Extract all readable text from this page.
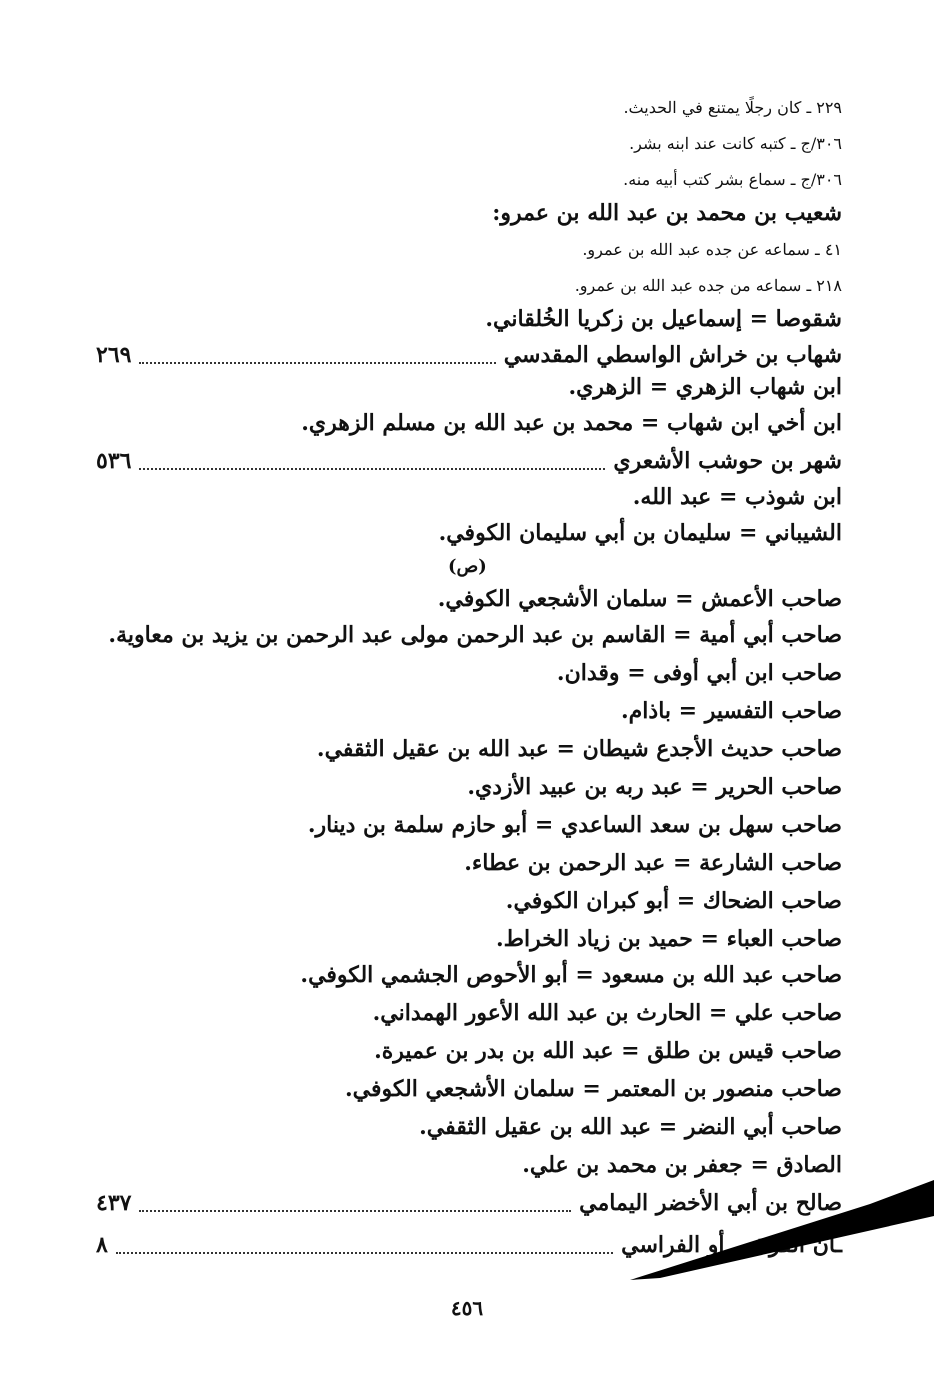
٢٢٩ ـ كان رجلًا يمتنع في الحديث.
٣٠٦/ج ـ كتبه كانت عند ابنه بشر.
٣٠٦/ج ـ سماع بشر كتب أبيه منه.
شعيب بن محمد بن عبد الله بن عمرو:
٤١ ـ سماعه عن جده عبد الله بن عمرو.
٢١٨ ـ سماعه من جده عبد الله بن عمرو.
شقوصا = إسماعيل بن زكريا الخُلقاني.
شهاب بن خراش الواسطي المقدسي
٢٦٩
ابن شهاب الزهري = الزهري.
ابن أخي ابن شهاب = محمد بن عبد الله بن مسلم الزهري.
شهر بن حوشب الأشعري
٥٣٦
ابن شوذب = عبد الله.
الشيباني = سليمان بن أبي سليمان الكوفي.
(ص)
صاحب الأعمش = سلمان الأشجعي الكوفي.
صاحب أبي أمية = القاسم بن عبد الرحمن مولى عبد الرحمن بن يزيد بن معاوية.
صاحب ابن أبي أوفى = وقدان.
صاحب التفسير = باذام.
صاحب حديث الأجدع شيطان = عبد الله بن عقيل الثقفي.
صاحب الحرير = عبد ربه بن عبيد الأزدي.
صاحب سهل بن سعد الساعدي = أبو حازم سلمة بن دينار.
صاحب الشارعة = عبد الرحمن بن عطاء.
صاحب الضحاك = أبو كبران الكوفي.
صاحب العباء = حميد بن زياد الخراط.
صاحب عبد الله بن مسعود = أبو الأحوص الجشمي الكوفي.
صاحب علي = الحارث بن عبد الله الأعور الهمداني.
صاحب قيس بن طلق = عبد الله بن بدر بن عميرة.
صاحب منصور بن المعتمر = سلمان الأشجعي الكوفي.
صاحب أبي النضر = عبد الله بن عقيل الثقفي.
الصادق = جعفر بن محمد بن علي.
صالح بن أبي الأخضر اليمامي
٤٣٧
ـان القرشي أو الفراسي
٨
٤٥٦
